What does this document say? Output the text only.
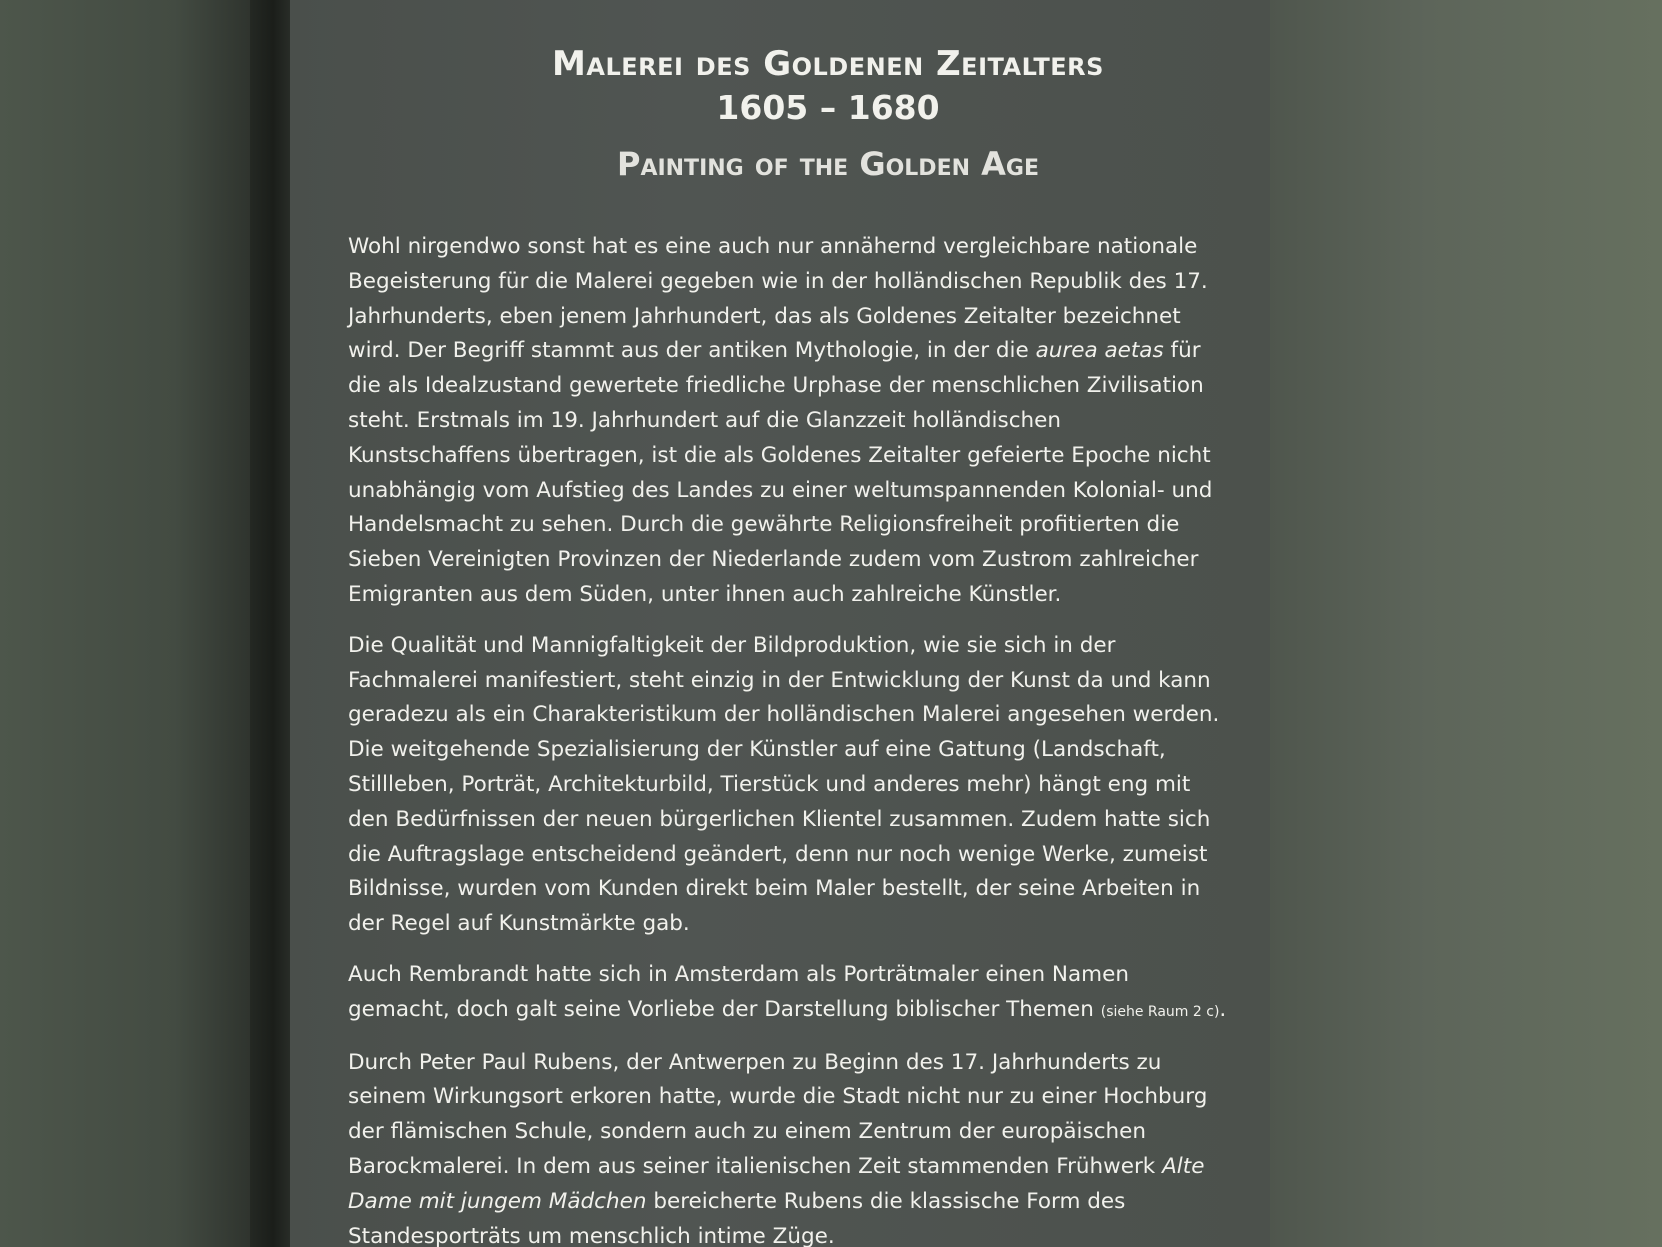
Malerei des Goldenen Zeitalters
1605 – 1680
Painting of the Golden Age

Wohl nirgendwo sonst hat es eine auch nur annähernd vergleichbare nationale Begeisterung für die Malerei gegeben wie in der holländischen Republik des 17. Jahrhunderts, eben jenem Jahrhundert, das als Goldenes Zeitalter bezeichnet wird. Der Begriff stammt aus der antiken Mythologie, in der die aurea aetas für die als Idealzustand gewertete friedliche Urphase der menschlichen Zivilisation steht. Erstmals im 19. Jahrhundert auf die Glanzzeit holländischen Kunstschaffens übertragen, ist die als Goldenes Zeitalter gefeierte Epoche nicht unabhängig vom Aufstieg des Landes zu einer weltumspannenden Kolonial- und Handelsmacht zu sehen. Durch die gewährte Religionsfreiheit profitierten die Sieben Vereinigten Provinzen der Niederlande zudem vom Zustrom zahlreicher Emigranten aus dem Süden, unter ihnen auch zahlreiche Künstler.

Die Qualität und Mannigfaltigkeit der Bildproduktion, wie sie sich in der Fachmalerei manifestiert, steht einzig in der Entwicklung der Kunst da und kann geradezu als ein Charakteristikum der holländischen Malerei angesehen werden. Die weitgehende Spezialisierung der Künstler auf eine Gattung (Landschaft, Stillleben, Porträt, Architekturbild, Tierstück und anderes mehr) hängt eng mit den Bedürfnissen der neuen bürgerlichen Klientel zusammen. Zudem hatte sich die Auftragslage entscheidend geändert, denn nur noch wenige Werke, zumeist Bildnisse, wurden vom Kunden direkt beim Maler bestellt, der seine Arbeiten in der Regel auf Kunstmärkte gab.

Auch Rembrandt hatte sich in Amsterdam als Porträtmaler einen Namen gemacht, doch galt seine Vorliebe der Darstellung biblischer Themen (siehe Raum 2 c).

Durch Peter Paul Rubens, der Antwerpen zu Beginn des 17. Jahrhunderts zu seinem Wirkungsort erkoren hatte, wurde die Stadt nicht nur zu einer Hochburg der flämischen Schule, sondern auch zu einem Zentrum der europäischen Barockmalerei. In dem aus seiner italienischen Zeit stammenden Frühwerk Alte Dame mit jungem Mädchen bereicherte Rubens die klassische Form des Standesporträts um menschlich intime Züge.
